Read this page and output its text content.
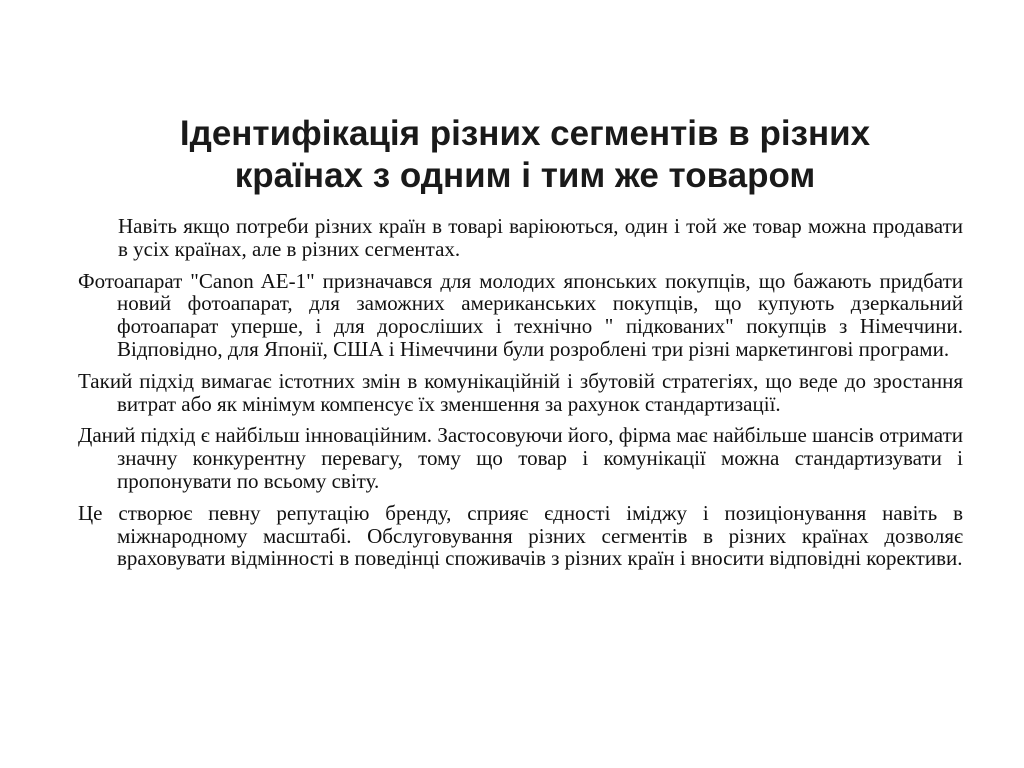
Ідентифікація різних сегментів в різних
країнах з одним і тим же товаром

Навіть якщо потреби різних країн в товарі варіюються, один і той же товар можна продавати в усіх країнах, але в різних сегментах.

Фотоапарат "Canon AE-1" призначався для молодих японських покупців, що бажають придбати новий фотоапарат, для заможних американських покупців, що купують дзеркальний фотоапарат уперше, і для дорослiших i технiчно " пiдкованих" покупцiв з Нiмеччини. Вiдповiдно, для Японiї, США i Нiмеччини були розробленi три рiзнi маркетинговi програми.

Такий підхід вимагає істотних змін в комунікаційній і збутовій стратегіях, що веде до зростання витрат або як мінімум компенсує їх зменшення за рахунок стандартизації.

Даний підхід є найбільш інноваційним. Застосовуючи його, фірма має найбільше шансів отримати значну конкурентну перевагу, тому що товар і комунікації можна стандартизувати і пропонувати по всьому світу.

Це створює певну репутацію бренду, сприяє єдності іміджу і позиціонування навіть в міжнародному масштабі. Обслуговування різних сегментів в різних країнах дозволяє враховувати відмінності в поведінці споживачів з різних країн і вносити відповідні корективи.
